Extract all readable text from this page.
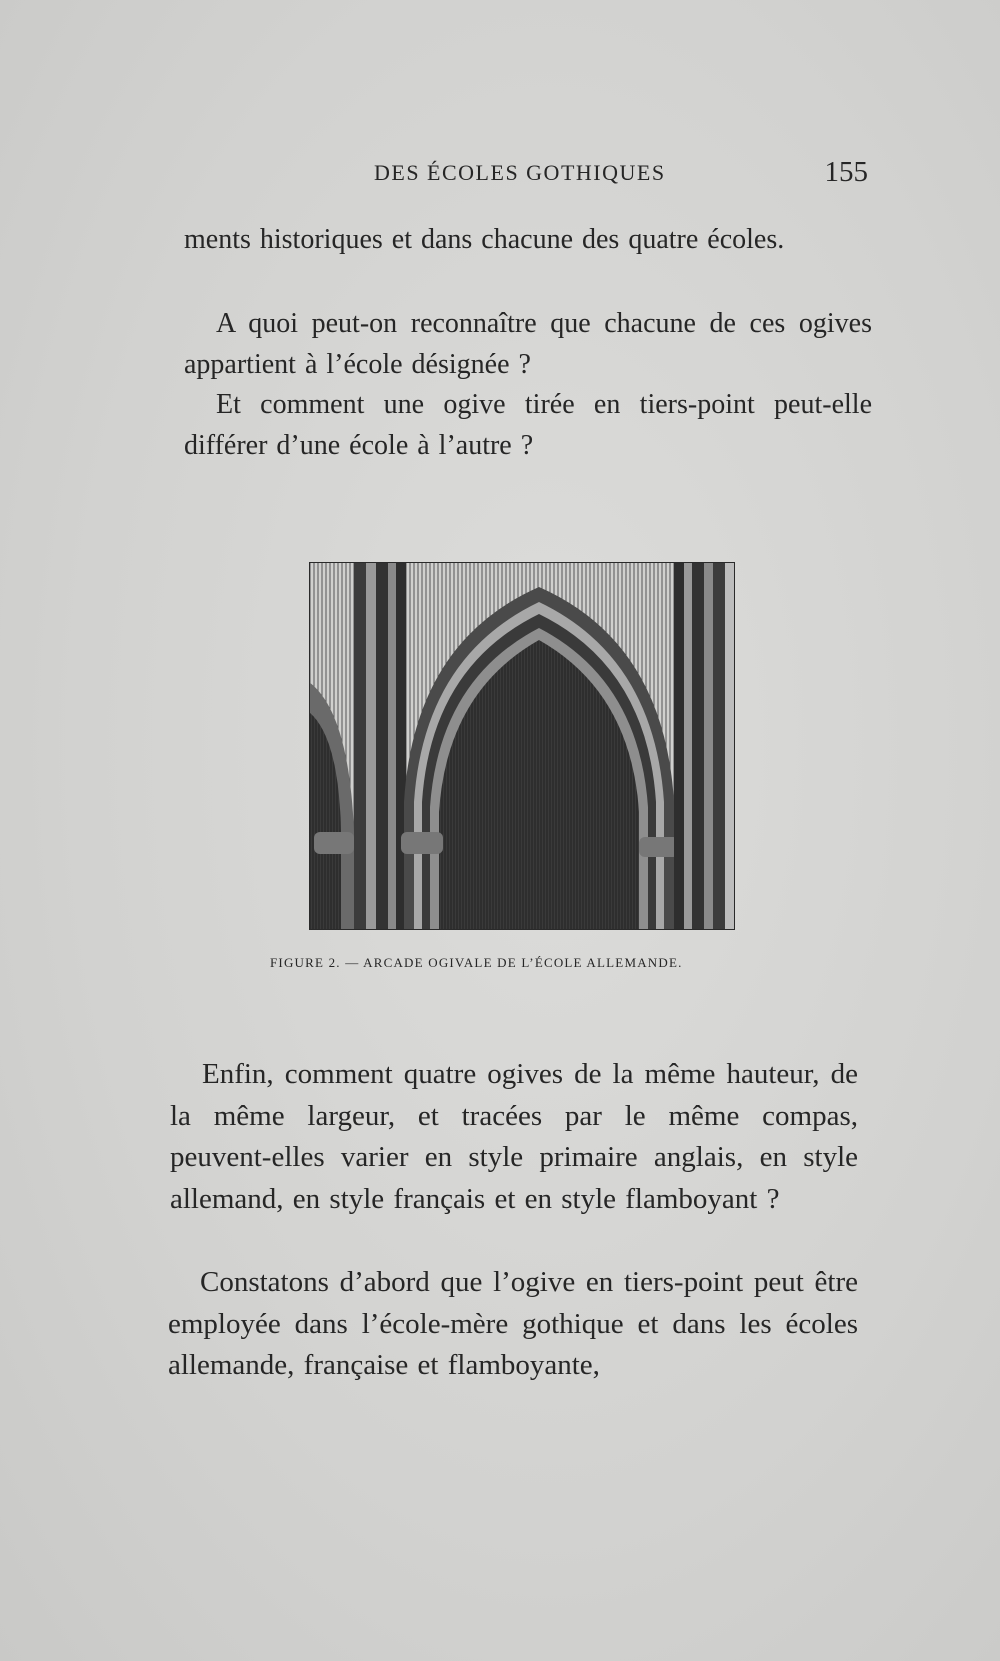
DES ÉCOLES GOTHIQUES	155

ments historiques et dans chacune des quatre écoles.

A quoi peut-on reconnaître que chacune de ces ogives appartient à l’école désignée ?

Et comment une ogive tirée en tiers-point peut-elle différer d’une école à l’autre ?

FIGURE 2. — ARCADE OGIVALE DE L’ÉCOLE ALLEMANDE.

Enfin, comment quatre ogives de la même hauteur, de la même largeur, et tracées par le même compas, peuvent-elles varier en style primaire anglais, en style allemand, en style français et en style flamboyant ?

Constatons d’abord que l’ogive en tiers-point peut être employée dans l’école-mère gothique et dans les écoles allemande, française et flamboyante,
